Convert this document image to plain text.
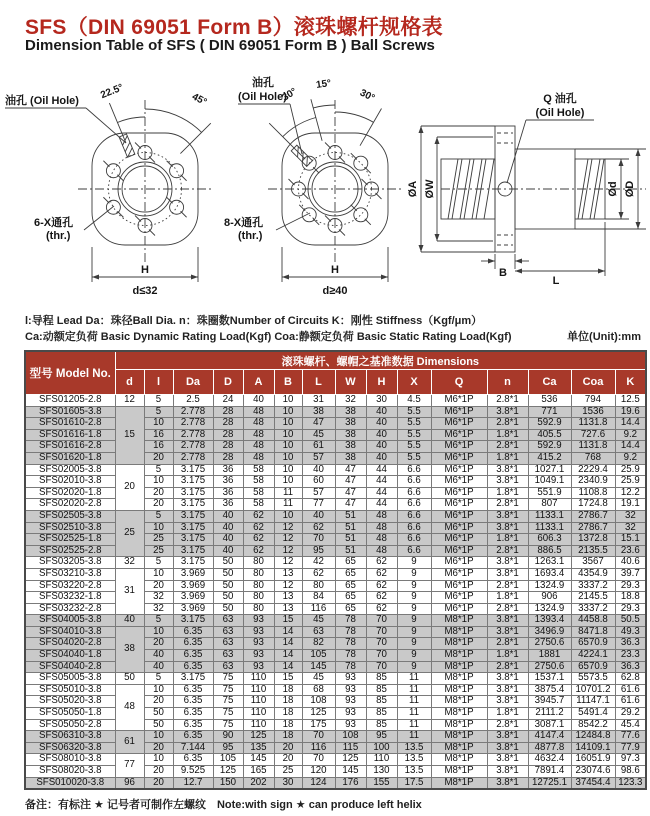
SFS（DIN 69051 Form B）滚珠螺杆规格表
Dimension Table of SFS ( DIN 69051 Form B ) Ball Screws
22.5°	45°
油孔 (Oil Hole)
6-X通孔
(thr.)
H
d≤32
30°
15°
30°
油孔
(Oil Hole)
8-X通孔
(thr.)
H
d≥40
Q 油孔
(Oil Hole)
ØA ØW	Ød ØD
B
L
l:导程 Lead Da：珠径Ball Dia. n：珠圈数Number of Circuits K：刚性 Stiffness（Kgf/μm）
Ca:动额定负荷 Basic Dynamic Rating Load(Kgf) Coa:静额定负荷 Basic Static Rating Load(Kgf)	单位(Unit):mm
型号 Model No.	滚珠螺杆、螺帽之基准数据 Dimensions														
	d	l	Da	D	A	B	L	W	H	X	Q	n	Ca	Coa	K
SFS01205-2.8	12	5	2.5	24	40	10	31	32	30	4.5	M6*1P	2.8*1	536	794	12.5
SFS01605-3.8	15	5	2.778	28	48	10	38	38	40	5.5	M6*1P	3.8*1	771	1536	19.6
SFS01610-2.8		10	2.778	28	48	10	47	38	40	5.5	M6*1P	2.8*1	592.9	1131.8	14.4
SFS01616-1.8		16	2.778	28	48	10	45	38	40	5.5	M6*1P	1.8*1	405.5	727.6	9.2
SFS01616-2.8		16	2.778	28	48	10	61	38	40	5.5	M6*1P	2.8*1	592.9	1131.8	14.4
SFS01620-1.8		20	2.778	28	48	10	57	38	40	5.5	M6*1P	1.8*1	415.2	768	9.2
SFS02005-3.8	20	5	3.175	36	58	10	40	47	44	6.6	M6*1P	3.8*1	1027.1	2229.4	25.9
SFS02010-3.8		10	3.175	36	58	10	60	47	44	6.6	M6*1P	3.8*1	1049.1	2340.9	25.9
SFS02020-1.8		20	3.175	36	58	11	57	47	44	6.6	M6*1P	1.8*1	551.9	1108.8	12.2
SFS02020-2.8		20	3.175	36	58	11	77	47	44	6.6	M6*1P	2.8*1	807	1724.8	19.1
SFS02505-3.8	25	5	3.175	40	62	10	40	51	48	6.6	M6*1P	3.8*1	1133.1	2786.7	32
SFS02510-3.8		10	3.175	40	62	12	62	51	48	6.6	M6*1P	3.8*1	1133.1	2786.7	32
SFS02525-1.8		25	3.175	40	62	12	70	51	48	6.6	M6*1P	1.8*1	606.3	1372.8	15.1
SFS02525-2.8		25	3.175	40	62	12	95	51	48	6.6	M6*1P	2.8*1	886.5	2135.5	23.6
SFS03205-3.8	32	5	3.175	50	80	12	42	65	62	9	M6*1P	3.8*1	1263.1	3567	40.6
SFS03210-3.8	31	10	3.969	50	80	13	62	65	62	9	M6*1P	3.8*1	1693.4	4354.9	39.7
SFS03220-2.8		20	3.969	50	80	12	80	65	62	9	M6*1P	2.8*1	1324.9	3337.2	29.3
SFS03232-1.8		32	3.969	50	80	13	84	65	62	9	M6*1P	1.8*1	906	2145.5	18.8
SFS03232-2.8		32	3.969	50	80	13	116	65	62	9	M6*1P	2.8*1	1324.9	3337.2	29.3
SFS04005-3.8	40	5	3.175	63	93	15	45	78	70	9	M8*1P	3.8*1	1393.4	4458.8	50.5
SFS04010-3.8	38	10	6.35	63	93	14	63	78	70	9	M8*1P	3.8*1	3496.9	8471.8	49.3
SFS04020-2.8		20	6.35	63	93	14	82	78	70	9	M8*1P	2.8*1	2750.6	6570.9	36.3
SFS04040-1.8		40	6.35	63	93	14	105	78	70	9	M8*1P	1.8*1	1881	4224.1	23.3
SFS04040-2.8		40	6.35	63	93	14	145	78	70	9	M8*1P	2.8*1	2750.6	6570.9	36.3
SFS05005-3.8	50	5	3.175	75	110	15	45	93	85	11	M8*1P	3.8*1	1537.1	5573.5	62.8
SFS05010-3.8	48	10	6.35	75	110	18	68	93	85	11	M8*1P	3.8*1	3875.4	10701.2	61.6
SFS05020-3.8		20	6.35	75	110	18	108	93	85	11	M8*1P	3.8*1	3945.7	11147.1	61.6
SFS05050-1.8		50	6.35	75	110	18	125	93	85	11	M8*1P	1.8*1	2111.2	5491.4	29.2
SFS05050-2.8		50	6.35	75	110	18	175	93	85	11	M8*1P	2.8*1	3087.1	8542.2	45.4
SFS06310-3.8	61	10	6.35	90	125	18	70	108	95	11	M8*1P	3.8*1	4147.4	12484.8	77.6
SFS06320-3.8		20	7.144	95	135	20	116	115	100	13.5	M8*1P	3.8*1	4877.8	14109.1	77.9
SFS08010-3.8	77	10	6.35	105	145	20	70	125	110	13.5	M8*1P	3.8*1	4632.4	16051.9	97.3
SFS08020-3.8		20	9.525	125	165	25	120	145	130	13.5	M8*1P	3.8*1	7891.4	23074.6	98.6
SFS010020-3.8	96	20	12.7	150	202	30	124	176	155	17.5	M8*1P	3.8*1	12725.1	37454.4	123.3
备注：有标注 ★ 记号者可制作左螺纹　Note:with sign ★ can produce left helix
